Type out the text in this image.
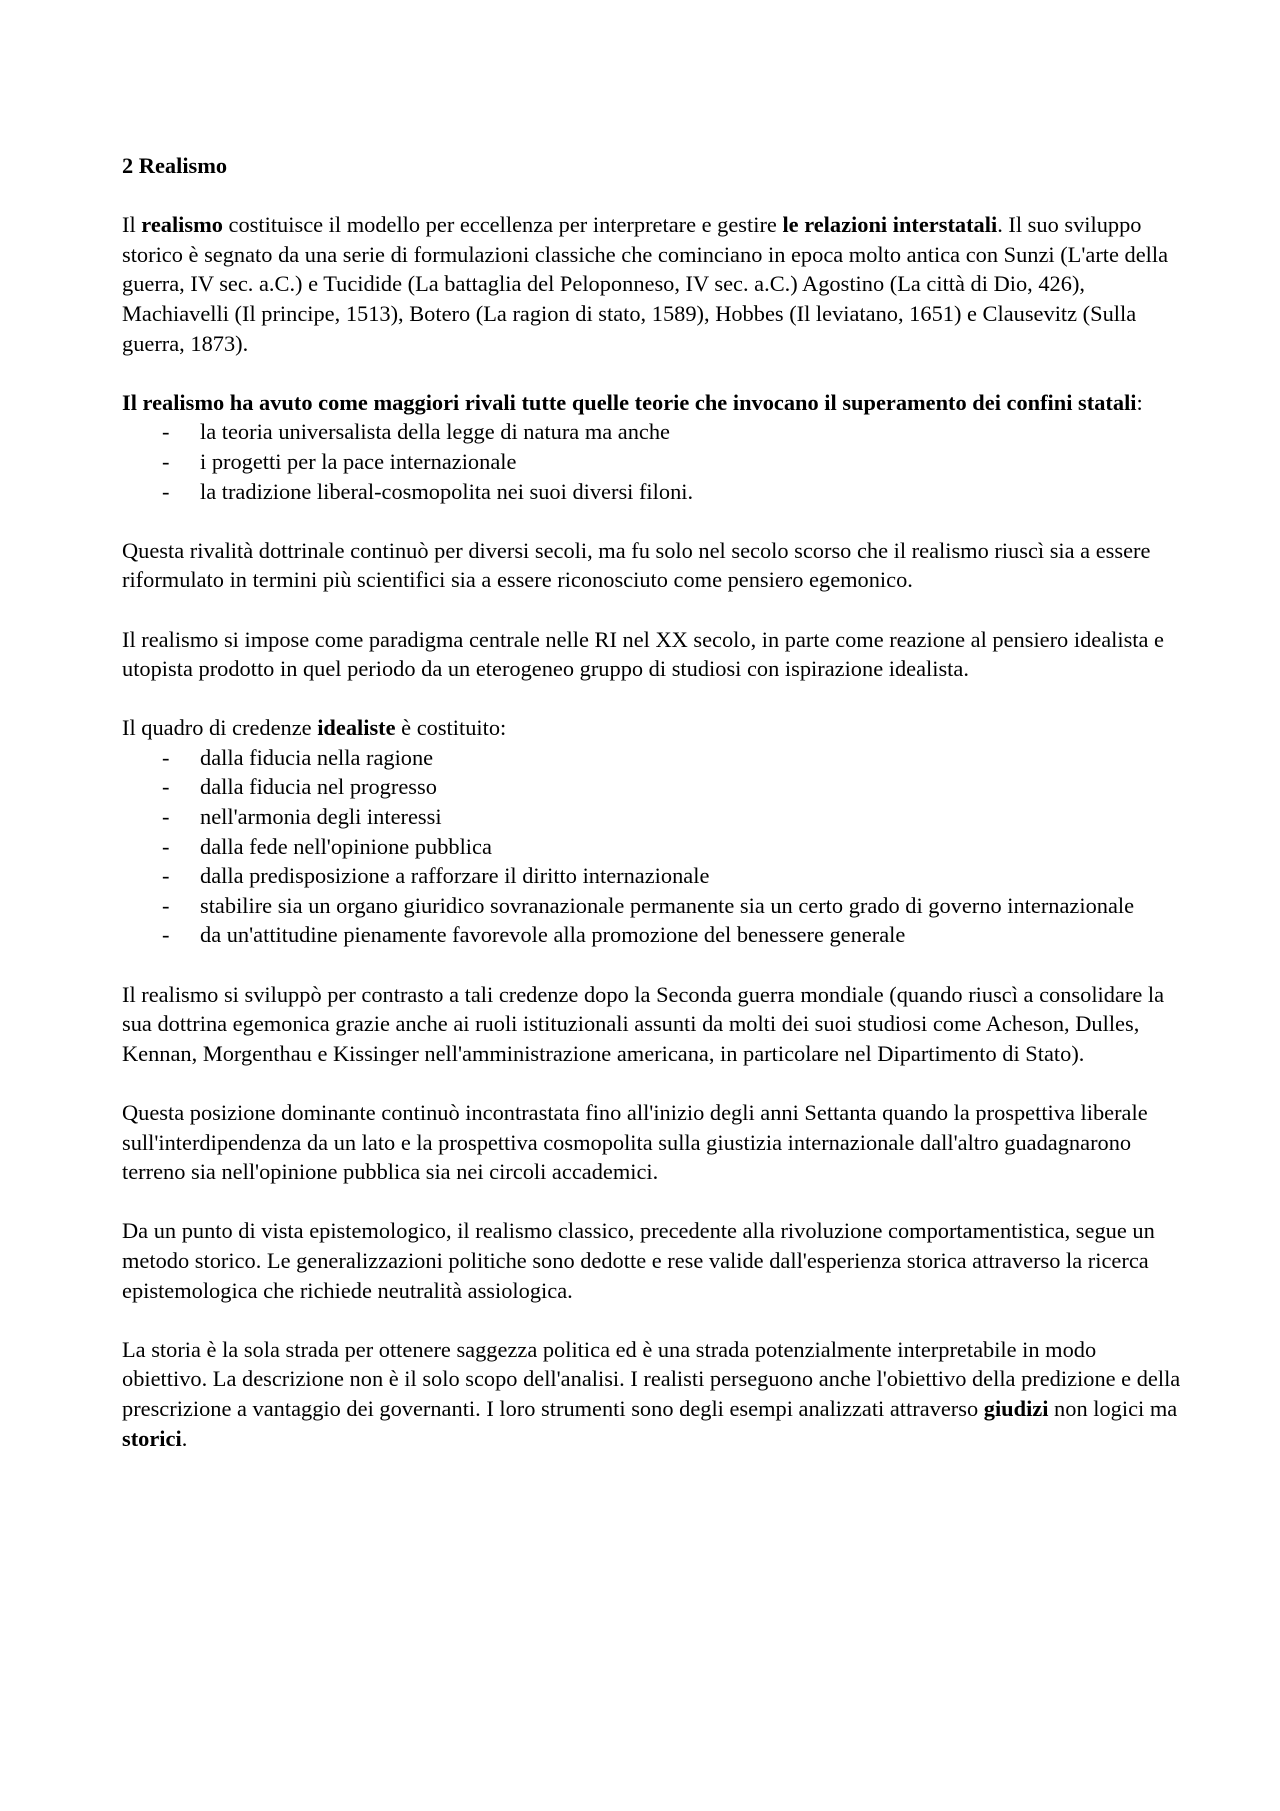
2 Realismo

Il realismo costituisce il modello per eccellenza per interpretare e gestire le relazioni interstatali. Il suo sviluppo storico è segnato da una serie di formulazioni classiche che cominciano in epoca molto antica con Sunzi (L'arte della guerra, IV sec. a.C.) e Tucidide (La battaglia del Peloponneso, IV sec. a.C.) Agostino (La città di Dio, 426), Machiavelli (Il principe, 1513), Botero (La ragion di stato, 1589), Hobbes (Il leviatano, 1651) e Clausevitz (Sulla guerra, 1873).

Il realismo ha avuto come maggiori rivali tutte quelle teorie che invocano il superamento dei confini statali:

- la teoria universalista della legge di natura ma anche
- i progetti per la pace internazionale
- la tradizione liberal-cosmopolita nei suoi diversi filoni.

Questa rivalità dottrinale continuò per diversi secoli, ma fu solo nel secolo scorso che il realismo riuscì sia a essere riformulato in termini più scientifici sia a essere riconosciuto come pensiero egemonico.

Il realismo si impose come paradigma centrale nelle RI nel XX secolo, in parte come reazione al pensiero idealista e utopista prodotto in quel periodo da un eterogeneo gruppo di studiosi con ispirazione idealista.

Il quadro di credenze idealiste è costituito:

- dalla fiducia nella ragione
- dalla fiducia nel progresso
- nell'armonia degli interessi
- dalla fede nell'opinione pubblica
- dalla predisposizione a rafforzare il diritto internazionale
- stabilire sia un organo giuridico sovranazionale permanente sia un certo grado di governo internazionale
- da un'attitudine pienamente favorevole alla promozione del benessere generale

Il realismo si sviluppò per contrasto a tali credenze dopo la Seconda guerra mondiale (quando riuscì a consolidare la sua dottrina egemonica grazie anche ai ruoli istituzionali assunti da molti dei suoi studiosi come Acheson, Dulles, Kennan, Morgenthau e Kissinger nell'amministrazione americana, in particolare nel Dipartimento di Stato).

Questa posizione dominante continuò incontrastata fino all'inizio degli anni Settanta quando la prospettiva liberale sull'interdipendenza da un lato e la prospettiva cosmopolita sulla giustizia internazionale dall'altro guadagnarono terreno sia nell'opinione pubblica sia nei circoli accademici.

Da un punto di vista epistemologico, il realismo classico, precedente alla rivoluzione comportamentistica, segue un metodo storico. Le generalizzazioni politiche sono dedotte e rese valide dall'esperienza storica attraverso la ricerca epistemologica che richiede neutralità assiologica.

La storia è la sola strada per ottenere saggezza politica ed è una strada potenzialmente interpretabile in modo obiettivo. La descrizione non è il solo scopo dell'analisi. I realisti perseguono anche l'obiettivo della predizione e della prescrizione a vantaggio dei governanti. I loro strumenti sono degli esempi analizzati attraverso giudizi non logici ma storici.
